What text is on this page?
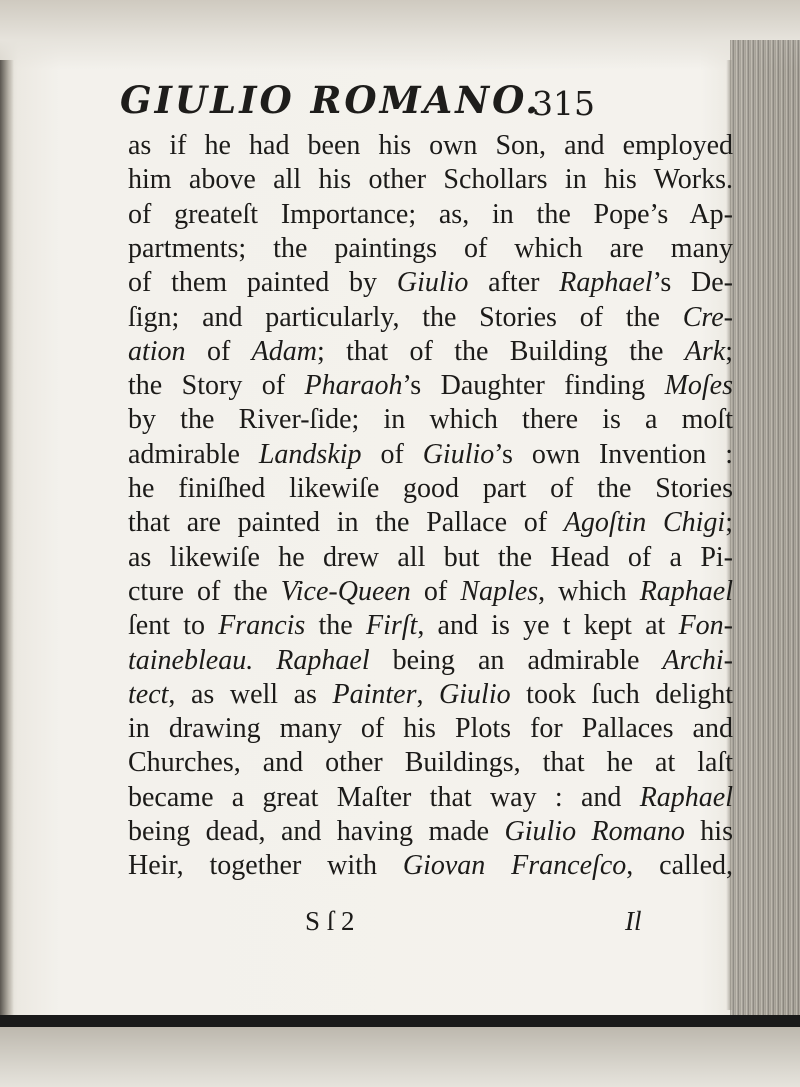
GIULIO ROMANO.
315
as if he had been his own Son, and employed
him above all his other Schollars in his Works.
of greateſt Importance; as, in the Pope’s Ap-
partments; the paintings of which are many
of them painted by Giulio after Raphael’s De-
ſign; and particularly, the Stories of the Cre-
ation of Adam; that of the Building the Ark;
the Story of Pharaoh’s Daughter finding Moſes
by the River-ſide; in which there is a moſt
admirable Landskip of Giulio’s own Invention :
he finiſhed likewiſe good part of the Stories
that are painted in the Pallace of Agoſtin Chigi;
as likewiſe he drew all but the Head of a Pi-
cture of the Vice-Queen of Naples, which Raphael
ſent to Francis the Firſt, and is ye t kept at Fon-
tainebleau. Raphael being an admirable Archi-
tect, as well as Painter, Giulio took ſuch delight
in drawing many of his Plots for Pallaces and
Churches, and other Buildings, that he at laſt
became a great Maſter that way : and Raphael
being dead, and having made Giulio Romano his
Heir, together with Giovan Franceſco, called,
S ſ 2	Il
